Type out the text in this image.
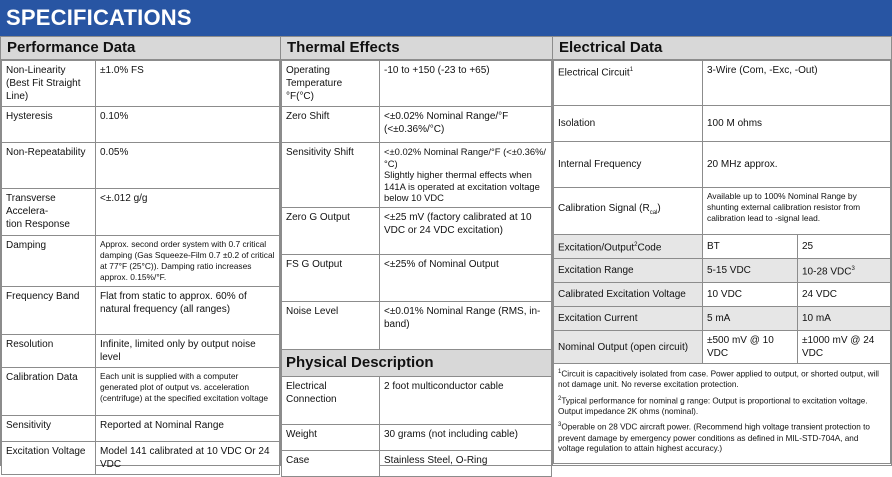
SPECIFICATIONS
Performance Data
Non-Linearity
(Best Fit Straight Line)	±1.0% FS
Hysteresis	0.10%
Non-Repeatability	0.05%
Transverse Accelera-
tion Response	<±.012 g/g
Damping	Approx. second order system with 0.7 critical damping (Gas Squeeze-Film 0.7 ±0.2 of critical at 77°F (25°C)). Damping ratio increases approx. 0.15%/°F.
Frequency Band	Flat from static to approx. 60% of natural frequency (all ranges)
Resolution	Infinite, limited only by output noise level
Calibration Data	Each unit is supplied with a computer generated plot of output vs. acceleration (centrifuge) at the specified excitation voltage
Sensitivity	Reported at Nominal Range
Excitation Voltage	Model 141 calibrated at 10 VDC Or 24 VDC
Thermal Effects
Operating Temperature
°F(°C)	-10 to +150 (-23 to +65)
Zero Shift	<±0.02% Nominal Range/°F
(<±0.36%/°C)
Sensitivity Shift	<±0.02% Nominal Range/°F (<±0.36%/°C)
Slightly higher thermal effects when 141A is operated at excitation voltage below 10 VDC
Zero G Output	<±25 mV (factory calibrated at 10 VDC or 24 VDC excitation)
FS G Output	<±25% of Nominal Output
Noise Level	<±0.01% Nominal Range (RMS, in-band)
Physical Description	
Electrical Connection	2 foot multiconductor cable
Weight	30 grams (not including cable)
Case	Stainless Steel, O-Ring
Electrical Data
Electrical Circuit$^1$	3-Wire (Com, -Exc, -Out)	
Isolation	100 M ohms	
Internal Frequency	20 MHz approx.	
Calibration Signal $(R_{cal})$	Available up to 100% Nominal Range by shunting external calibration resistor from calibration lead to -signal lead.	
Excitation/Output$^2$Code	BT	25
Excitation Range	5-15 VDC	10-28 VDC$^3$
Calibrated Excitation Voltage	10 VDC	24 VDC
Excitation Current	5 mA	10 mA
Nominal Output (open circuit)	±500 mV @ 10 VDC	±1000 mV @ 24 VDC

$^1$Circuit is capacitively isolated from case. Power applied to output, or shorted output, will not damage unit. No reverse excitation protection.

$^2$Typical performance for nominal g range: Output is proportional to excitation voltage. Output impedance 2K ohms (nominal).

$^3$Operable on 28 VDC aircraft power. (Recommend high voltage transient protection to prevent damage by emergency power conditions as defined in MIL-STD-704A, and voltage regulation to attain highest accuracy.)		
